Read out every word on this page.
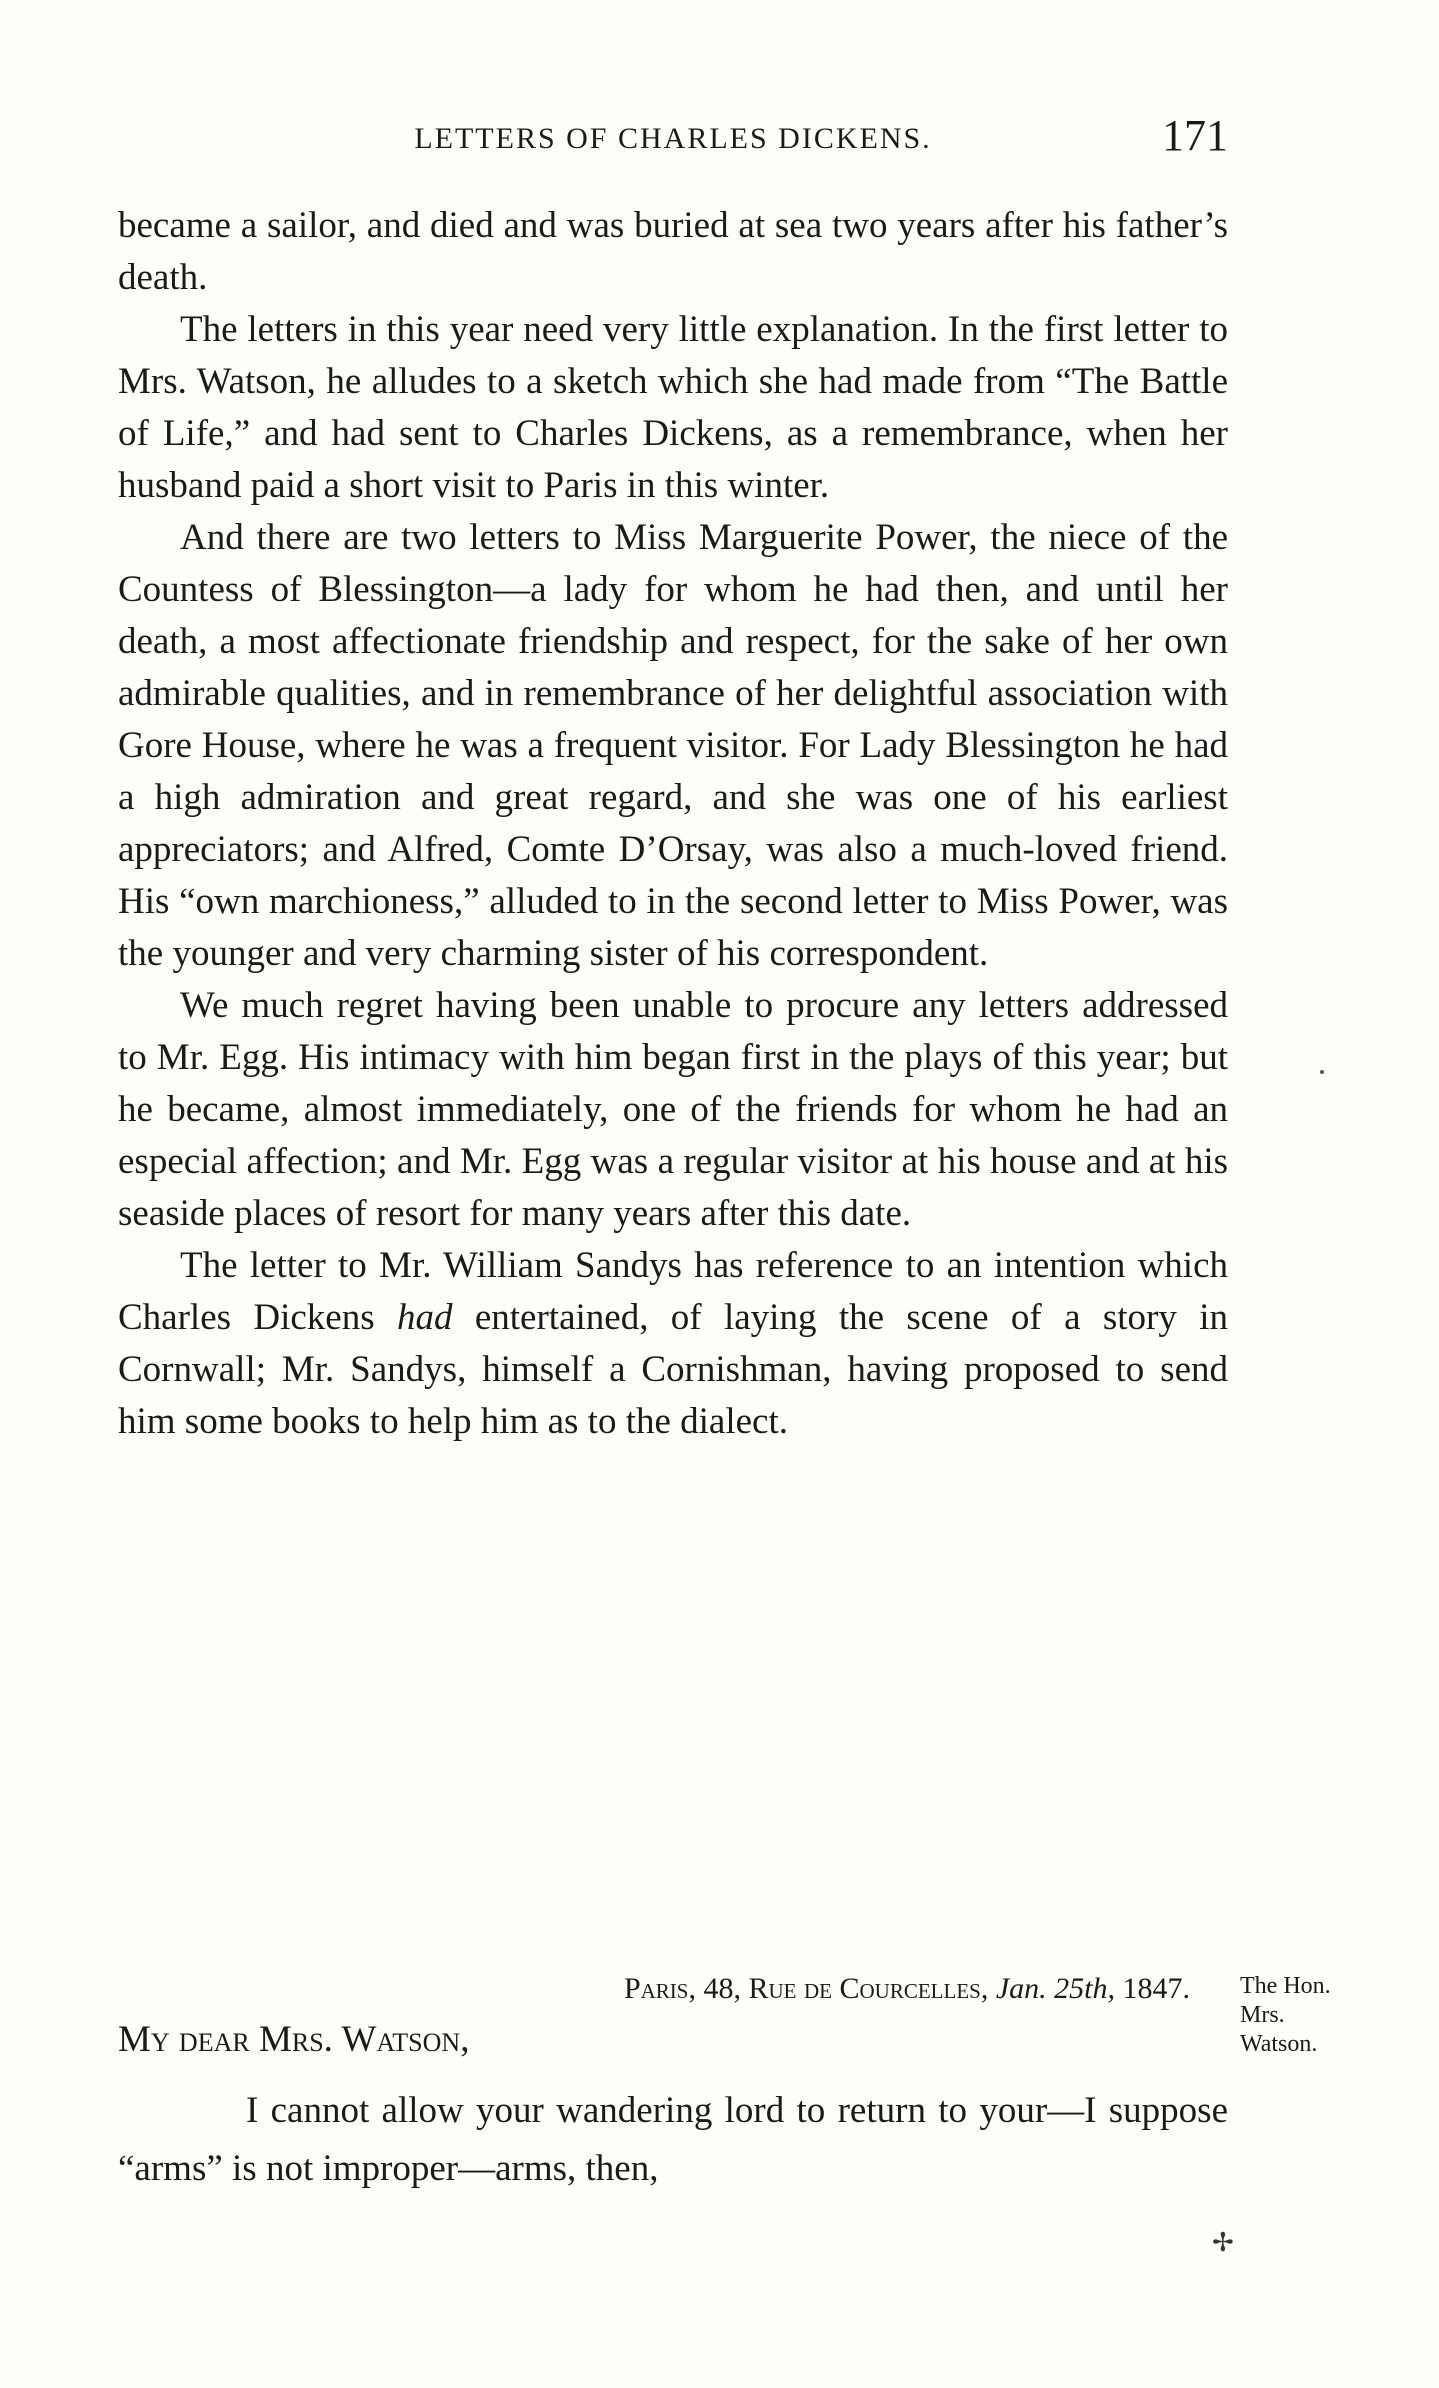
LETTERS OF CHARLES DICKENS.	171

became a sailor, and died and was buried at sea two years after his father’s death.

The letters in this year need very little explanation. In the first letter to Mrs. Watson, he alludes to a sketch which she had made from “The Battle of Life,” and had sent to Charles Dickens, as a remembrance, when her husband paid a short visit to Paris in this winter.

And there are two letters to Miss Marguerite Power, the niece of the Countess of Blessington—a lady for whom he had then, and until her death, a most affectionate friendship and respect, for the sake of her own admirable qualities, and in remembrance of her delightful association with Gore House, where he was a frequent visitor. For Lady Blessington he had a high admiration and great regard, and she was one of his earliest appreciators; and Alfred, Comte D’Orsay, was also a much-loved friend. His “own marchioness,” alluded to in the second letter to Miss Power, was the younger and very charming sister of his correspondent.

We much regret having been unable to procure any letters addressed to Mr. Egg. His intimacy with him began first in the plays of this year; but he became, almost immediately, one of the friends for whom he had an especial affection; and Mr. Egg was a regular visitor at his house and at his seaside places of resort for many years after this date.

The letter to Mr. William Sandys has reference to an intention which Charles Dickens had entertained, of laying the scene of a story in Cornwall; Mr. Sandys, himself a Cornishman, having proposed to send him some books to help him as to the dialect.

Paris, 48, Rue de Courcelles, Jan. 25th, 1847. The Hon.
Mrs.
Watson.
My dear Mrs. Watson,

I cannot allow your wandering lord to return to your—I suppose “arms” is not improper—arms, then,

✢
